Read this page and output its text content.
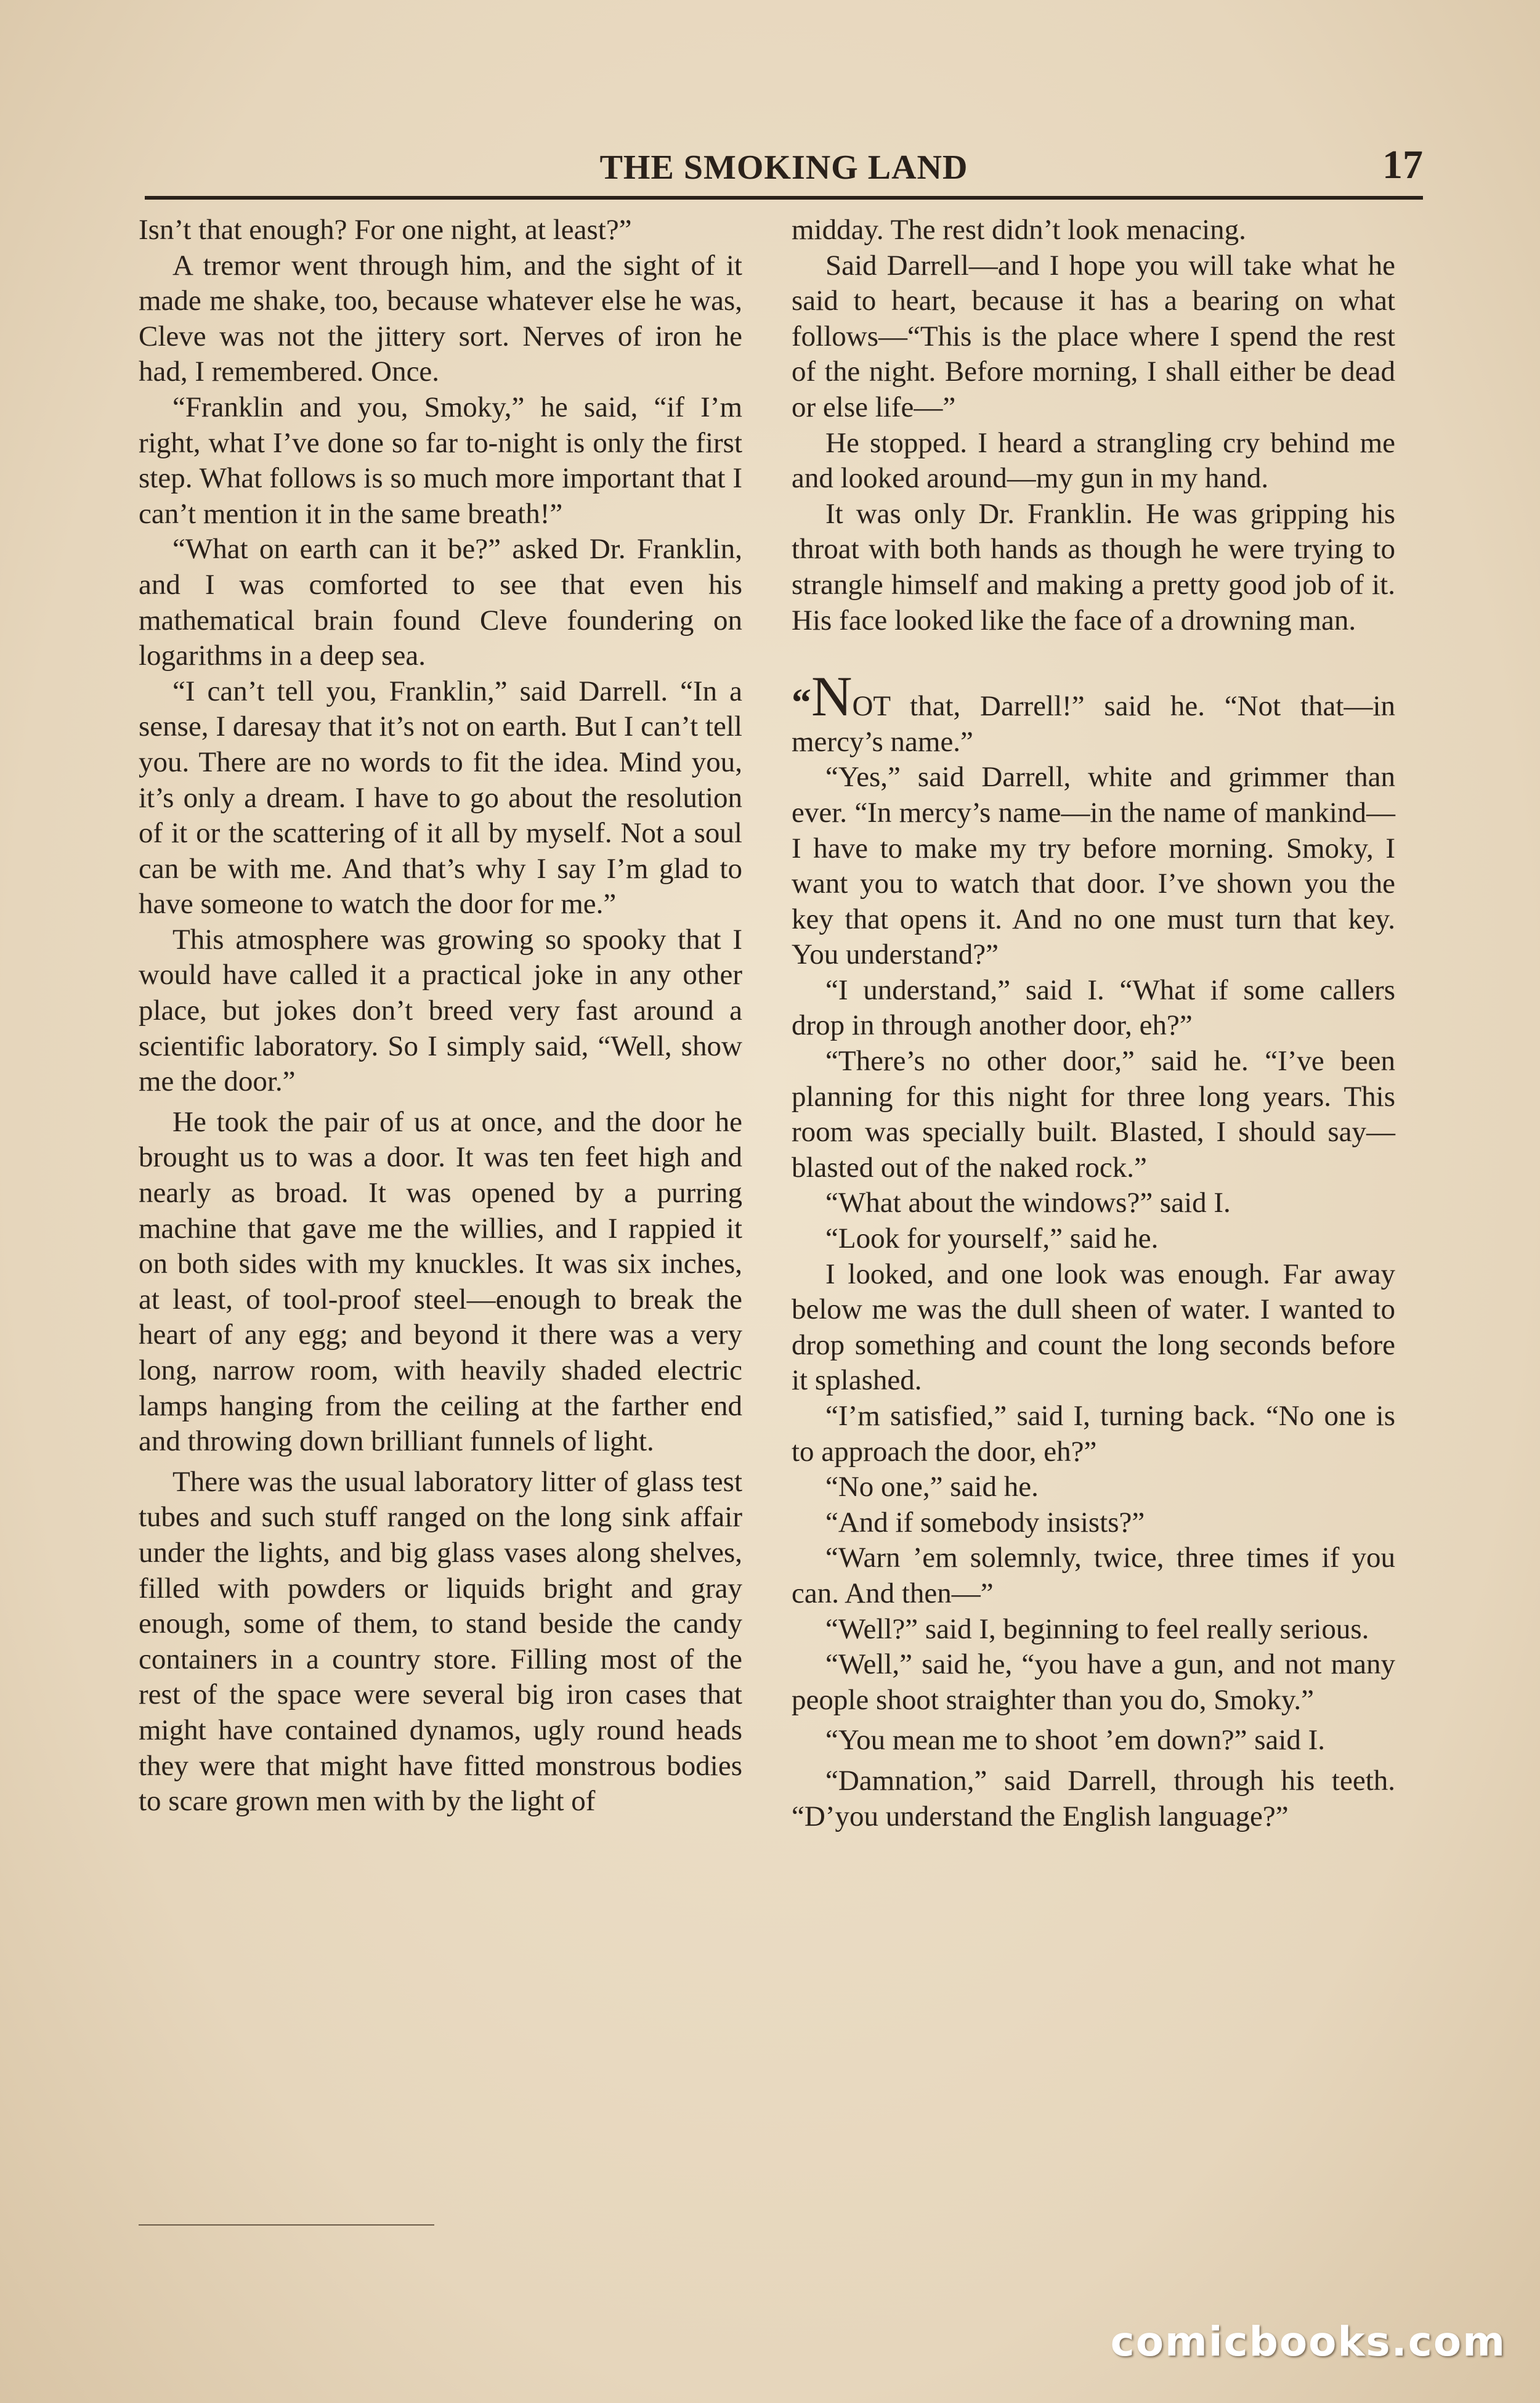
THE SMOKING LAND	17

Isn’t that enough? For one night, at least?”

A tremor went through him, and the sight of it made me shake, too, because whatever else he was, Cleve was not the jittery sort. Nerves of iron he had, I remembered. Once.

“Franklin and you, Smoky,” he said, “if I’m right, what I’ve done so far to-night is only the first step. What follows is so much more important that I can’t mention it in the same breath!”

“What on earth can it be?” asked Dr. Franklin, and I was comforted to see that even his mathematical brain found Cleve foundering on logarithms in a deep sea.

“I can’t tell you, Franklin,” said Darrell. “In a sense, I daresay that it’s not on earth. But I can’t tell you. There are no words to fit the idea. Mind you, it’s only a dream. I have to go about the resolution of it or the scattering of it all by myself. Not a soul can be with me. And that’s why I say I’m glad to have someone to watch the door for me.”

This atmosphere was growing so spooky that I would have called it a practical joke in any other place, but jokes don’t breed very fast around a scientific laboratory. So I simply said, “Well, show me the door.”

He took the pair of us at once, and the door he brought us to was a door. It was ten feet high and nearly as broad. It was opened by a purring machine that gave me the willies, and I rappied it on both sides with my knuckles. It was six inches, at least, of tool-proof steel—enough to break the heart of any egg; and beyond it there was a very long, narrow room, with heavily shaded electric lamps hanging from the ceiling at the farther end and throwing down brilliant funnels of light.

There was the usual laboratory litter of glass test tubes and such stuff ranged on the long sink affair under the lights, and big glass vases along shelves, filled with powders or liquids bright and gray enough, some of them, to stand beside the candy containers in a country store. Filling most of the rest of the space were several big iron cases that might have contained dynamos, ugly round heads they were that might have fitted monstrous bodies to scare grown men with by the light of

midday. The rest didn’t look menacing.

Said Darrell—and I hope you will take what he said to heart, because it has a bearing on what follows—“This is the place where I spend the rest of the night. Before morning, I shall either be dead or else life—”

He stopped. I heard a strangling cry behind me and looked around—my gun in my hand.

It was only Dr. Franklin. He was gripping his throat with both hands as though he were trying to strangle himself and making a pretty good job of it. His face looked like the face of a drowning man.

“NOT that, Darrell!” said he. “Not that—in mercy’s name.”

“Yes,” said Darrell, white and grimmer than ever. “In mercy’s name—in the name of mankind—I have to make my try before morning. Smoky, I want you to watch that door. I’ve shown you the key that opens it. And no one must turn that key. You understand?”

“I understand,” said I. “What if some callers drop in through another door, eh?”

“There’s no other door,” said he. “I’ve been planning for this night for three long years. This room was specially built. Blasted, I should say—blasted out of the naked rock.”

“What about the windows?” said I.

“Look for yourself,” said he.

I looked, and one look was enough. Far away below me was the dull sheen of water. I wanted to drop something and count the long seconds before it splashed.

“I’m satisfied,” said I, turning back. “No one is to approach the door, eh?”

“No one,” said he.

“And if somebody insists?”

“Warn ’em solemnly, twice, three times if you can. And then—”

“Well?” said I, beginning to feel really serious.

“Well,” said he, “you have a gun, and not many people shoot straighter than you do, Smoky.”

“You mean me to shoot ’em down?” said I.

“Damnation,” said Darrell, through his teeth. “D’you understand the English language?”

comicbooks.com
